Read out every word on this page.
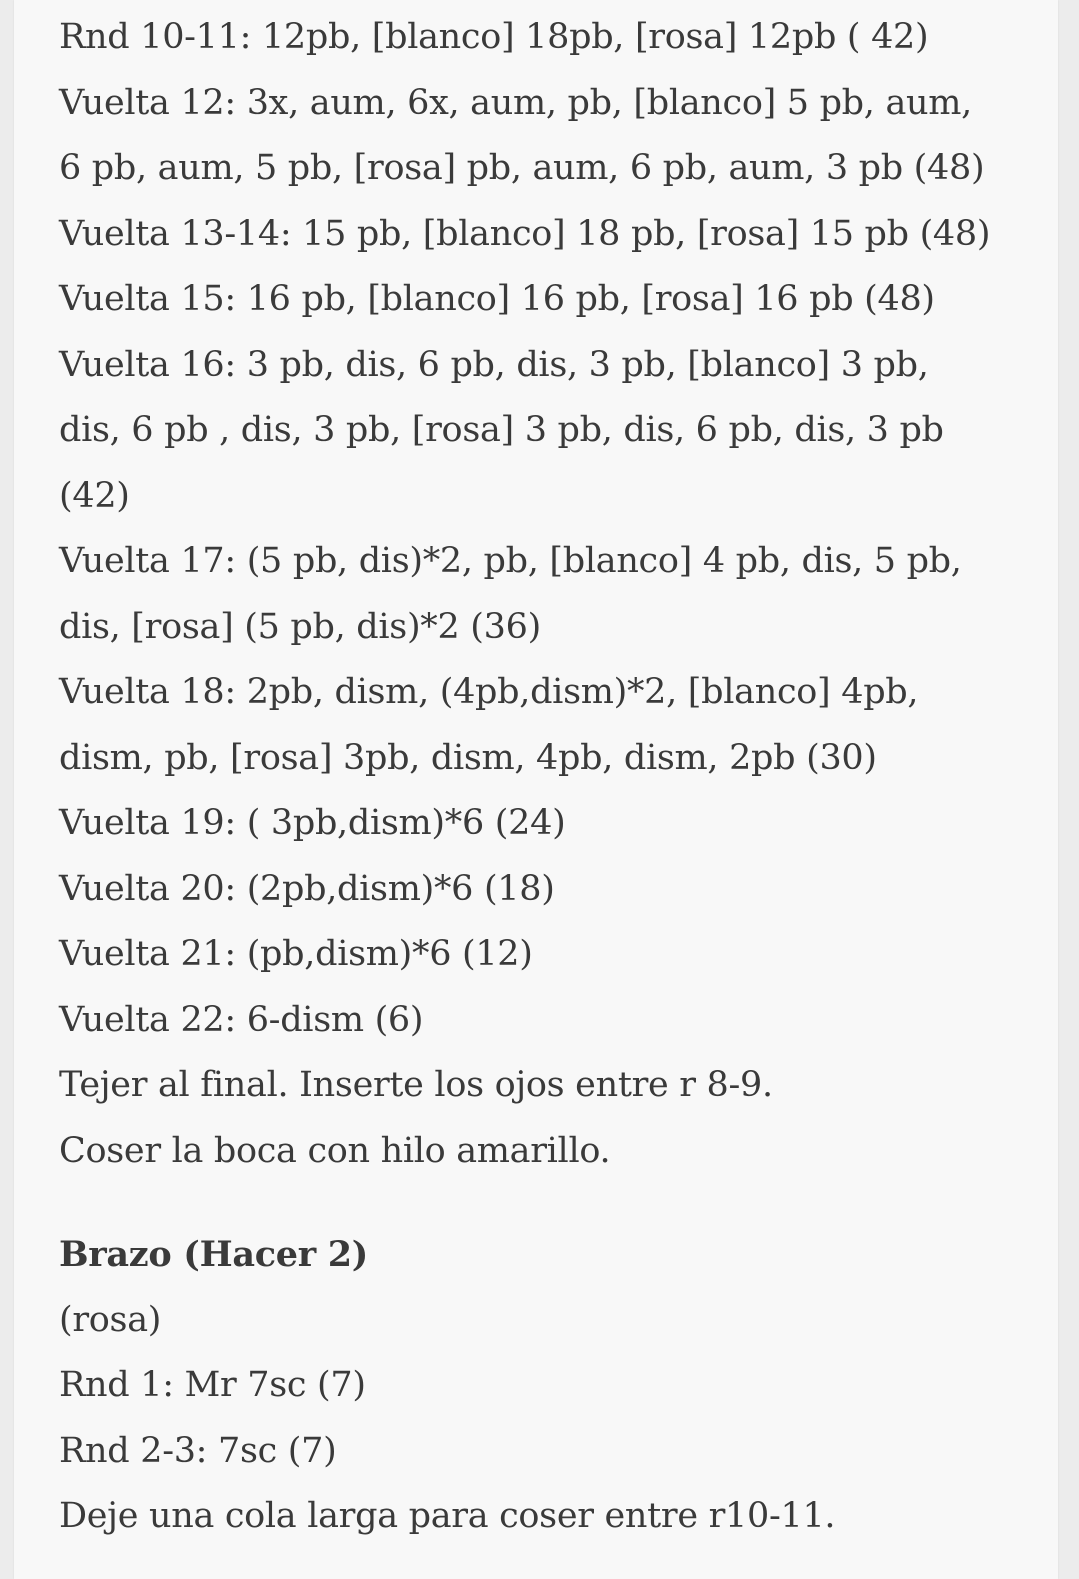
Rnd 10-11: 12pb, [blanco] 18pb, [rosa] 12pb ( 42)
Vuelta 12: 3x, aum, 6x, aum, pb, [blanco] 5 pb, aum,
6 pb, aum, 5 pb, [rosa] pb, aum, 6 pb, aum, 3 pb (48)
Vuelta 13-14: 15 pb, [blanco] 18 pb, [rosa] 15 pb (48)
Vuelta 15: 16 pb, [blanco] 16 pb, [rosa] 16 pb (48)
Vuelta 16: 3 pb, dis, 6 pb, dis, 3 pb, [blanco] 3 pb,
dis, 6 pb , dis, 3 pb, [rosa] 3 pb, dis, 6 pb, dis, 3 pb
(42)
Vuelta 17: (5 pb, dis)*2, pb, [blanco] 4 pb, dis, 5 pb,
dis, [rosa] (5 pb, dis)*2 (36)
Vuelta 18: 2pb, dism, (4pb,dism)*2, [blanco] 4pb,
dism, pb, [rosa] 3pb, dism, 4pb, dism, 2pb (30)
Vuelta 19: ( 3pb,dism)*6 (24)
Vuelta 20: (2pb,dism)*6 (18)
Vuelta 21: (pb,dism)*6 (12)
Vuelta 22: 6-dism (6)
Tejer al final. Inserte los ojos entre r 8-9.
Coser la boca con hilo amarillo.
Brazo (Hacer 2)
(rosa)
Rnd 1: Mr 7sc (7)
Rnd 2-3: 7sc (7)
Deje una cola larga para coser entre r10-11.
